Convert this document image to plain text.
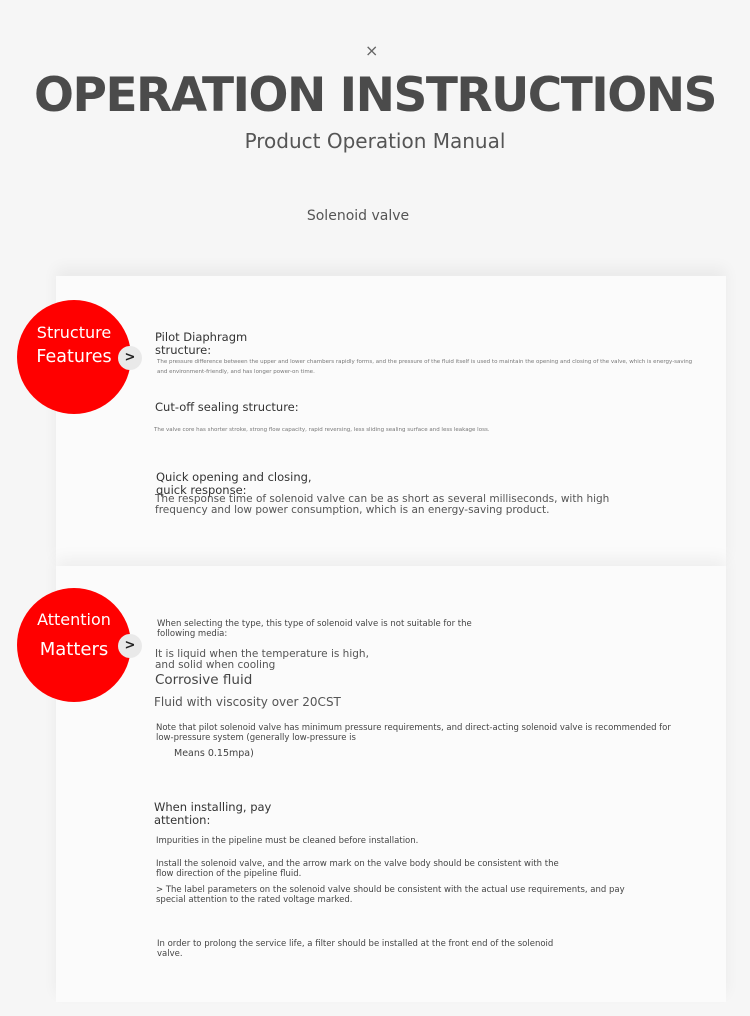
×
OPERATION INSTRUCTIONS
Product Operation Manual
Solenoid valve
Structure
Features >
Pilot Diaphragm
structure:
The pressure difference between the upper and lower chambers rapidly forms, and the pressure of the fluid itself is used to maintain the opening and closing of the valve, which is energy-saving
and environment-friendly, and has longer power-on time.
Cut-off sealing structure:
The valve core has shorter stroke, strong flow capacity, rapid reversing, less sliding sealing surface and less leakage loss.
Quick opening and closing,
quick response:
The response time of solenoid valve can be as short as several milliseconds, with high
frequency and low power consumption, which is an energy-saving product.
Attention
Matters	>
When selecting the type, this type of solenoid valve is not suitable for the
following media:
It is liquid when the temperature is high,
and solid when cooling
Corrosive fluid
Fluid with viscosity over 20CST
Note that pilot solenoid valve has minimum pressure requirements, and direct-acting solenoid valve is recommended for
low-pressure system (generally low-pressure is
Means 0.15mpa)
When installing, pay
attention:
Impurities in the pipeline must be cleaned before installation.
Install the solenoid valve, and the arrow mark on the valve body should be consistent with the
flow direction of the pipeline fluid.
> The label parameters on the solenoid valve should be consistent with the actual use requirements, and pay
special attention to the rated voltage marked.
In order to prolong the service life, a filter should be installed at the front end of the solenoid
valve.
